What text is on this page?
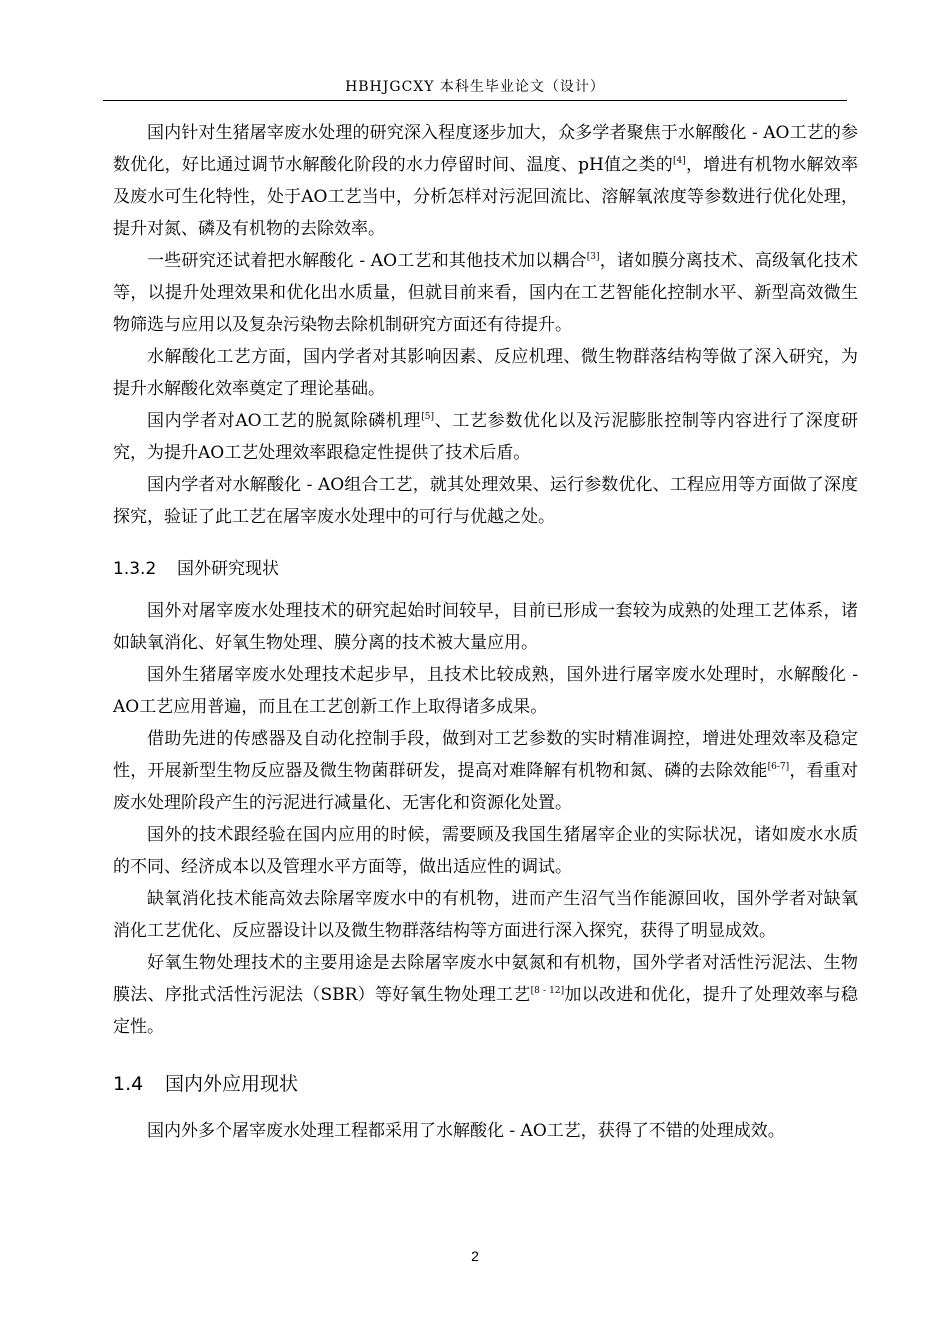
HBHJGCXY 本科生毕业论文（设计）

国内针对生猪屠宰废水处理的研究深入程度逐步加大，众多学者聚焦于水解酸化 - AO工艺的参数优化，好比通过调节水解酸化阶段的水力停留时间、温度、pH值之类的[4]，增进有机物水解效率及废水可生化特性，处于AO工艺当中，分析怎样对污泥回流比、溶解氧浓度等参数进行优化处理，提升对氮、磷及有机物的去除效率。

一些研究还试着把水解酸化 - AO工艺和其他技术加以耦合[3]，诸如膜分离技术、高级氧化技术等，以提升处理效果和优化出水质量，但就目前来看，国内在工艺智能化控制水平、新型高效微生物筛选与应用以及复杂污染物去除机制研究方面还有待提升。

水解酸化工艺方面，国内学者对其影响因素、反应机理、微生物群落结构等做了深入研究，为提升水解酸化效率奠定了理论基础。

国内学者对AO工艺的脱氮除磷机理[5]、工艺参数优化以及污泥膨胀控制等内容进行了深度研究，为提升AO工艺处理效率跟稳定性提供了技术后盾。

国内学者对水解酸化 - AO组合工艺，就其处理效果、运行参数优化、工程应用等方面做了深度探究，验证了此工艺在屠宰废水处理中的可行与优越之处。

1.3.2 国外研究现状

国外对屠宰废水处理技术的研究起始时间较早，目前已形成一套较为成熟的处理工艺体系，诸如缺氧消化、好氧生物处理、膜分离的技术被大量应用。

国外生猪屠宰废水处理技术起步早，且技术比较成熟，国外进行屠宰废水处理时，水解酸化 - AO工艺应用普遍，而且在工艺创新工作上取得诸多成果。

借助先进的传感器及自动化控制手段，做到对工艺参数的实时精准调控，增进处理效率及稳定性，开展新型生物反应器及微生物菌群研发，提高对难降解有机物和氮、磷的去除效能[6-7]，看重对废水处理阶段产生的污泥进行减量化、无害化和资源化处置。

国外的技术跟经验在国内应用的时候，需要顾及我国生猪屠宰企业的实际状况，诸如废水水质的不同、经济成本以及管理水平方面等，做出适应性的调试。

缺氧消化技术能高效去除屠宰废水中的有机物，进而产生沼气当作能源回收，国外学者对缺氧消化工艺优化、反应器设计以及微生物群落结构等方面进行深入探究，获得了明显成效。

好氧生物处理技术的主要用途是去除屠宰废水中氨氮和有机物，国外学者对活性污泥法、生物膜法、序批式活性污泥法（SBR）等好氧生物处理工艺[8 - 12]加以改进和优化，提升了处理效率与稳定性。

1.4 国内外应用现状

国内外多个屠宰废水处理工程都采用了水解酸化 - AO工艺，获得了不错的处理成效。

2
